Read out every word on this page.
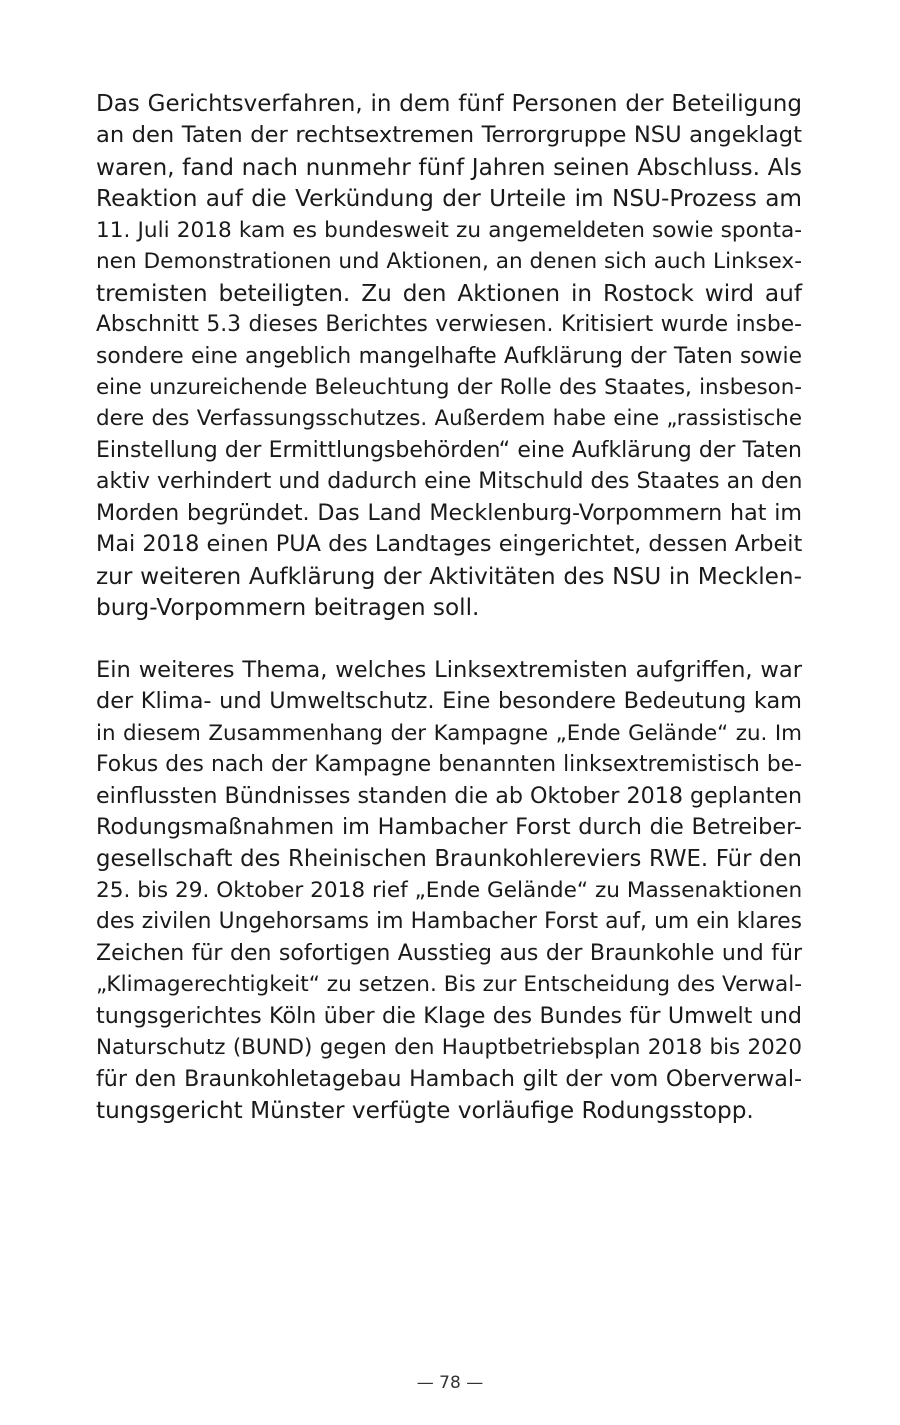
Das Gerichtsverfahren, in dem fünf Personen der Beteiligung
an den Taten der rechtsextremen Terrorgruppe NSU angeklagt
waren, fand nach nunmehr fünf Jahren seinen Abschluss. Als
Reaktion auf die Verkündung der Urteile im NSU-Prozess am
11. Juli 2018 kam es bundesweit zu angemeldeten sowie sponta-
nen Demonstrationen und Aktionen, an denen sich auch Linksex-
tremisten beteiligten. Zu den Aktionen in Rostock wird auf
Abschnitt 5.3 dieses Berichtes verwiesen. Kritisiert wurde insbe-
sondere eine angeblich mangelhafte Aufklärung der Taten sowie
eine unzureichende Beleuchtung der Rolle des Staates, insbeson-
dere des Verfassungsschutzes. Außerdem habe eine „rassistische
Einstellung der Ermittlungsbehörden“ eine Aufklärung der Taten
aktiv verhindert und dadurch eine Mitschuld des Staates an den
Morden begründet. Das Land Mecklenburg-Vorpommern hat im
Mai 2018 einen PUA des Landtages eingerichtet, dessen Arbeit
zur weiteren Aufklärung der Aktivitäten des NSU in Mecklen-
burg-Vorpommern beitragen soll.
Ein weiteres Thema, welches Linksextremisten aufgriffen, war
der Klima- und Umweltschutz. Eine besondere Bedeutung kam
in diesem Zusammenhang der Kampagne „Ende Gelände“ zu. Im
Fokus des nach der Kampagne benannten linksextremistisch be-
einflussten Bündnisses standen die ab Oktober 2018 geplanten
Rodungsmaßnahmen im Hambacher Forst durch die Betreiber-
gesellschaft des Rheinischen Braunkohlereviers RWE. Für den
25. bis 29. Oktober 2018 rief „Ende Gelände“ zu Massenaktionen
des zivilen Ungehorsams im Hambacher Forst auf, um ein klares
Zeichen für den sofortigen Ausstieg aus der Braunkohle und für
„Klimagerechtigkeit“ zu setzen. Bis zur Entscheidung des Verwal-
tungsgerichtes Köln über die Klage des Bundes für Umwelt und
Naturschutz (BUND) gegen den Hauptbetriebsplan 2018 bis 2020
für den Braunkohletagebau Hambach gilt der vom Oberverwal-
tungsgericht Münster verfügte vorläufige Rodungsstopp.
— 78 —
